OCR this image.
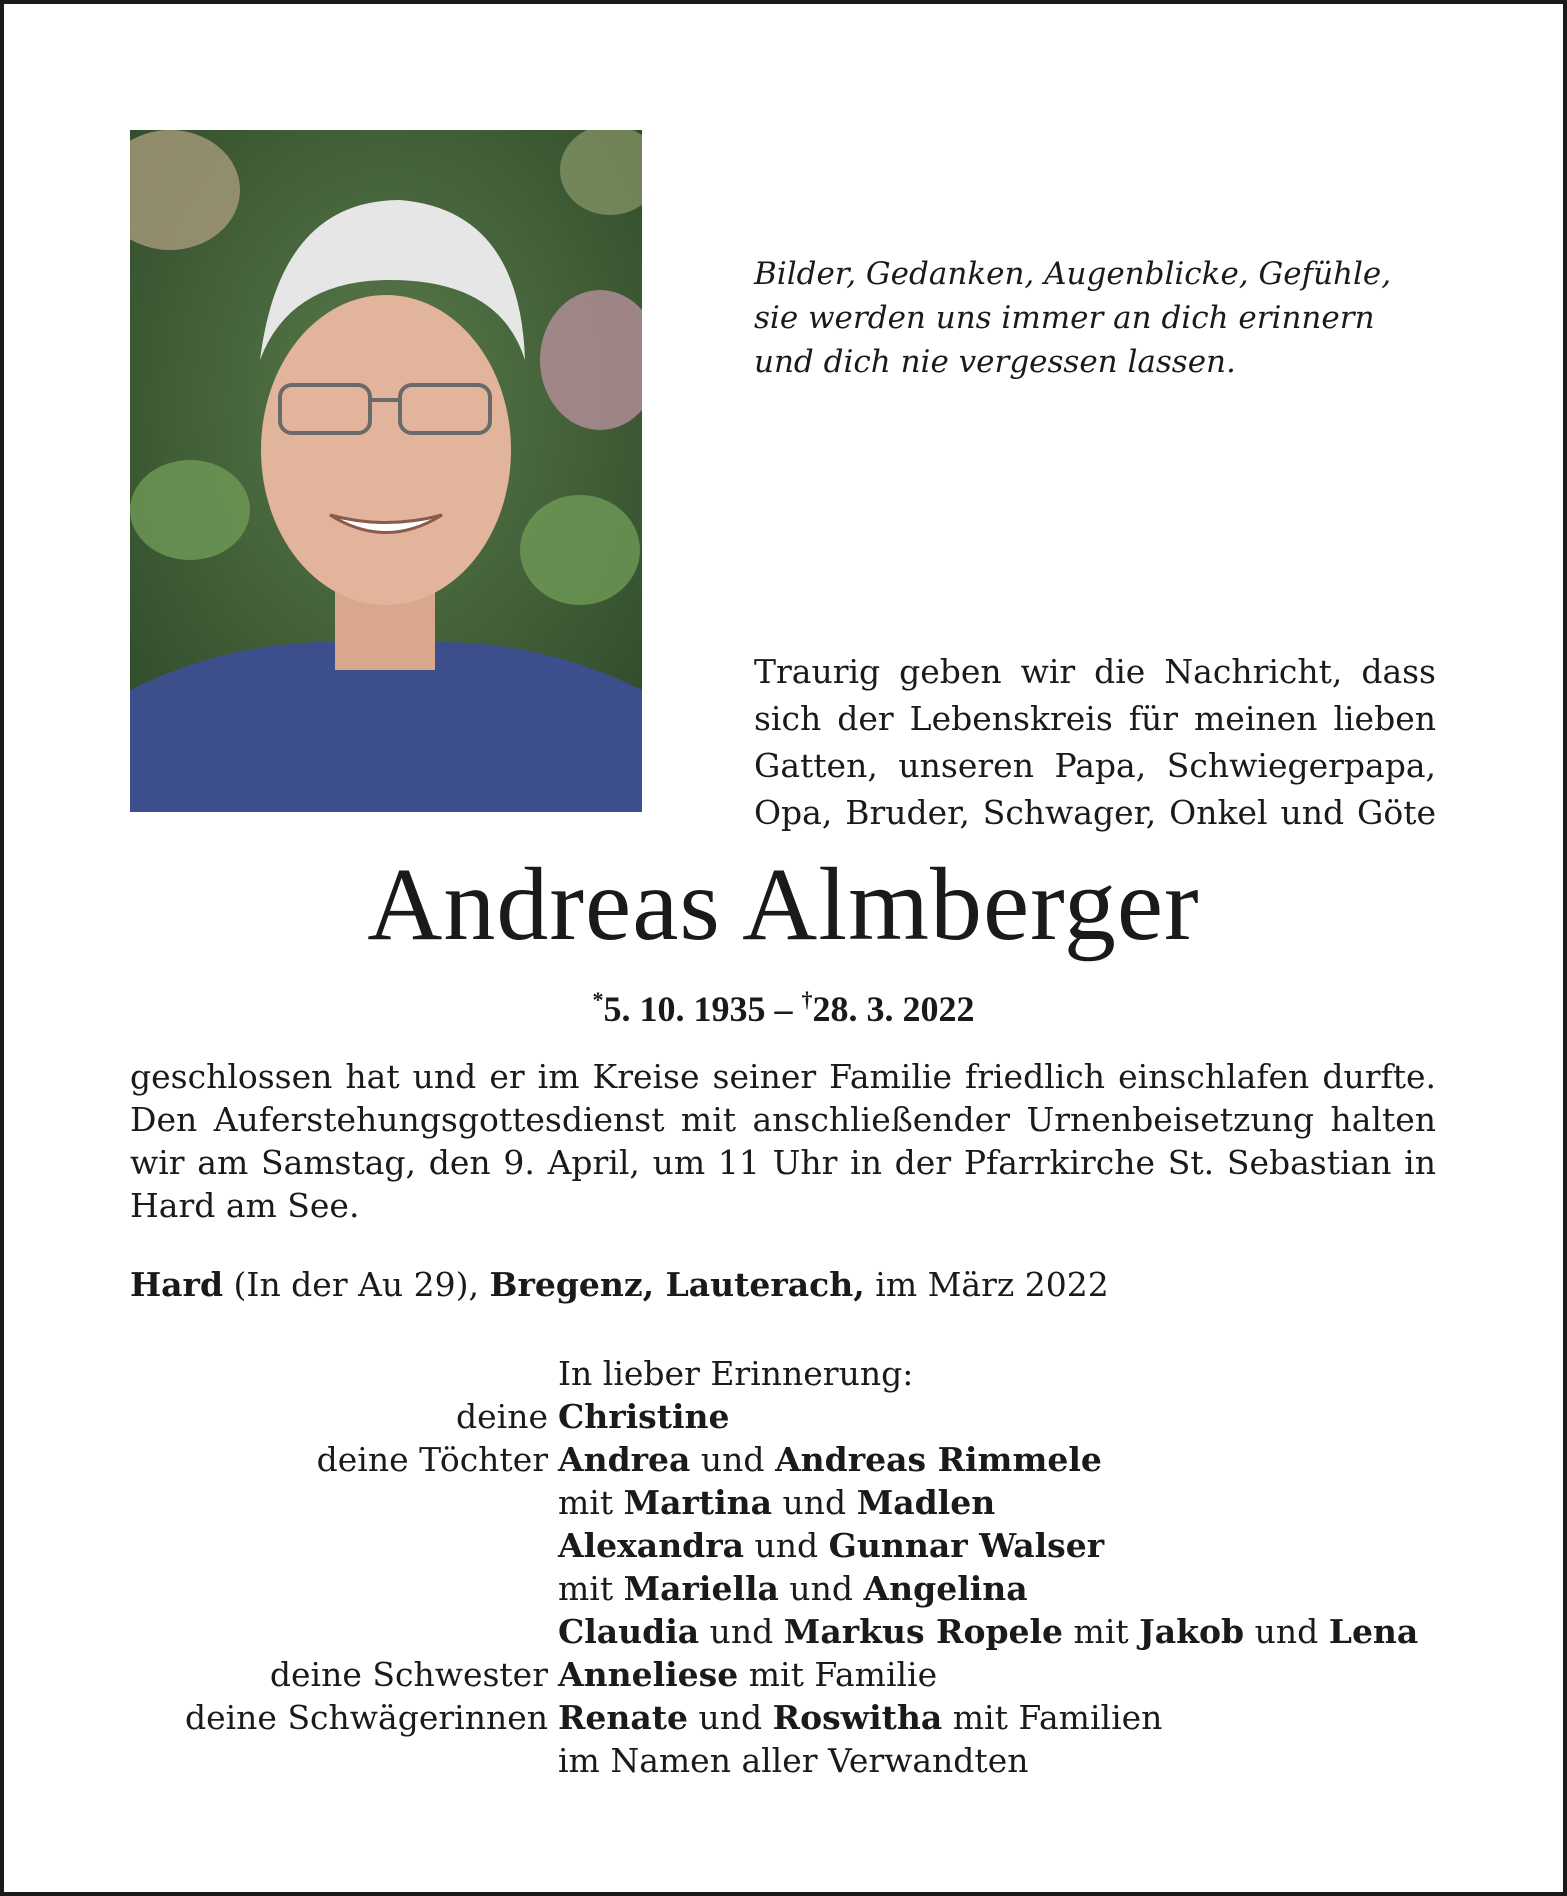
Bilder, Gedanken, Augenblicke, Gefühle,
sie werden uns immer an dich erinnern
und dich nie vergessen lassen.
Traurig geben wir die Nachricht, dass
sich der Lebenskreis für meinen lieben
Gatten, unseren Papa, Schwiegerpapa,
Opa, Bruder, Schwager, Onkel und Göte
Andreas Almberger
*5. 10. 1935 – †28. 3. 2022
geschlossen hat und er im Kreise seiner Familie friedlich einschlafen durfte.
Den Auferstehungsgottesdienst mit anschließender Urnenbeisetzung halten
wir am Samstag, den 9. April, um 11 Uhr in der Pfarrkirche St. Sebastian in
Hard am See.
Hard (In der Au 29), Bregenz, Lauterach, im März 2022
In lieber Erinnerung:
deine Christine
deine Töchter Andrea und Andreas Rimmele
mit Martina und Madlen
Alexandra und Gunnar Walser
mit Mariella und Angelina
Claudia und Markus Ropele mit Jakob und Lena
deine Schwester Anneliese mit Familie
deine Schwägerinnen Renate und Roswitha mit Familien
im Namen aller Verwandten
